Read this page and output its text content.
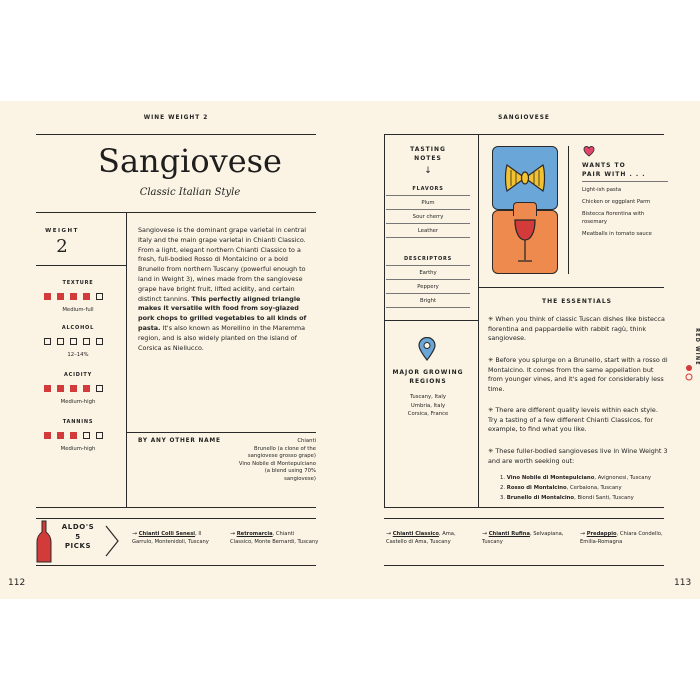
WINE WEIGHT 2
Sangiovese
Classic Italian Style
WEIGHT
2
TEXTURE
Medium-full
ALCOHOL
12–14%
ACIDITY
Medium-high
TANNINS
Medium-high
Sangiovese is the dominant grape varietal in central Italy and the main grape varietal in Chianti Classico. From a light, elegant northern Chianti Classico to a fresh, full-bodied Rosso di Montalcino or a bold Brunello from northern Tuscany (powerful enough to land in Weight 3), wines made from the sangiovese grape have bright fruit, lifted acidity, and certain distinct tannins. This perfectly aligned triangle makes it versatile with food from soy-glazed pork chops to grilled vegetables to all kinds of pasta. It's also known as Morellino in the Maremma region, and is also widely planted on the island of Corsica as Niellucco.
BY ANY OTHER NAME	Chianti
Brunello (a clone of the
sangiovese grosso grape)
Vino Nobile di Montepulciano
(a blend using 70%
sangiovese)
SANGIOVESE
TASTING
NOTES
↓
FLAVORS
Plum
Sour cherry
Leather
DESCRIPTORS
Earthy
Peppery
Bright
MAJOR GROWING
REGIONS
Tuscany, Italy
Umbria, Italy
Corsica, France
WANTS TO
PAIR WITH . . .
Light-ish pasta
Chicken or eggplant Parm
Bistecca fiorentina with rosemary
Meatballs in tomato sauce
THE ESSENTIALS
✳ When you think of classic Tuscan dishes like bistecca fiorentina and pappardelle with rabbit ragù, think sangiovese.
✳ Before you splurge on a Brunello, start with a rosso di Montalcino. It comes from the same appellation but from younger vines, and it's aged for considerably less time.
✳ There are different quality levels within each style. Try a tasting of a few different Chianti Classicos, for example, to find what you like.
✳ These fuller-bodied sangioveses live in Wine Weight 3 and are worth seeking out:
1. Vino Nobile di Montepulciano, Avignonesi, Tuscany
2. Rosso di Montalcino, Cerbaiona, Tuscany
3. Brunello di Montalcino, Biondi Santi, Tuscany
RED WINE
ALDO'S
5
PICKS
→ Chianti Colli Senesi, Il
Garrulo, Montenidoli, Tuscany
→ Retromarcia, Chianti
Classico, Monte Bernardi, Tuscany
→ Chianti Classico, Ama,
Castello di Ama, Tuscany
→ Chianti Rufina, Selvapiana,
Tuscany
→ Predappio, Chiara Condello,
Emilia-Romagna
112	113
